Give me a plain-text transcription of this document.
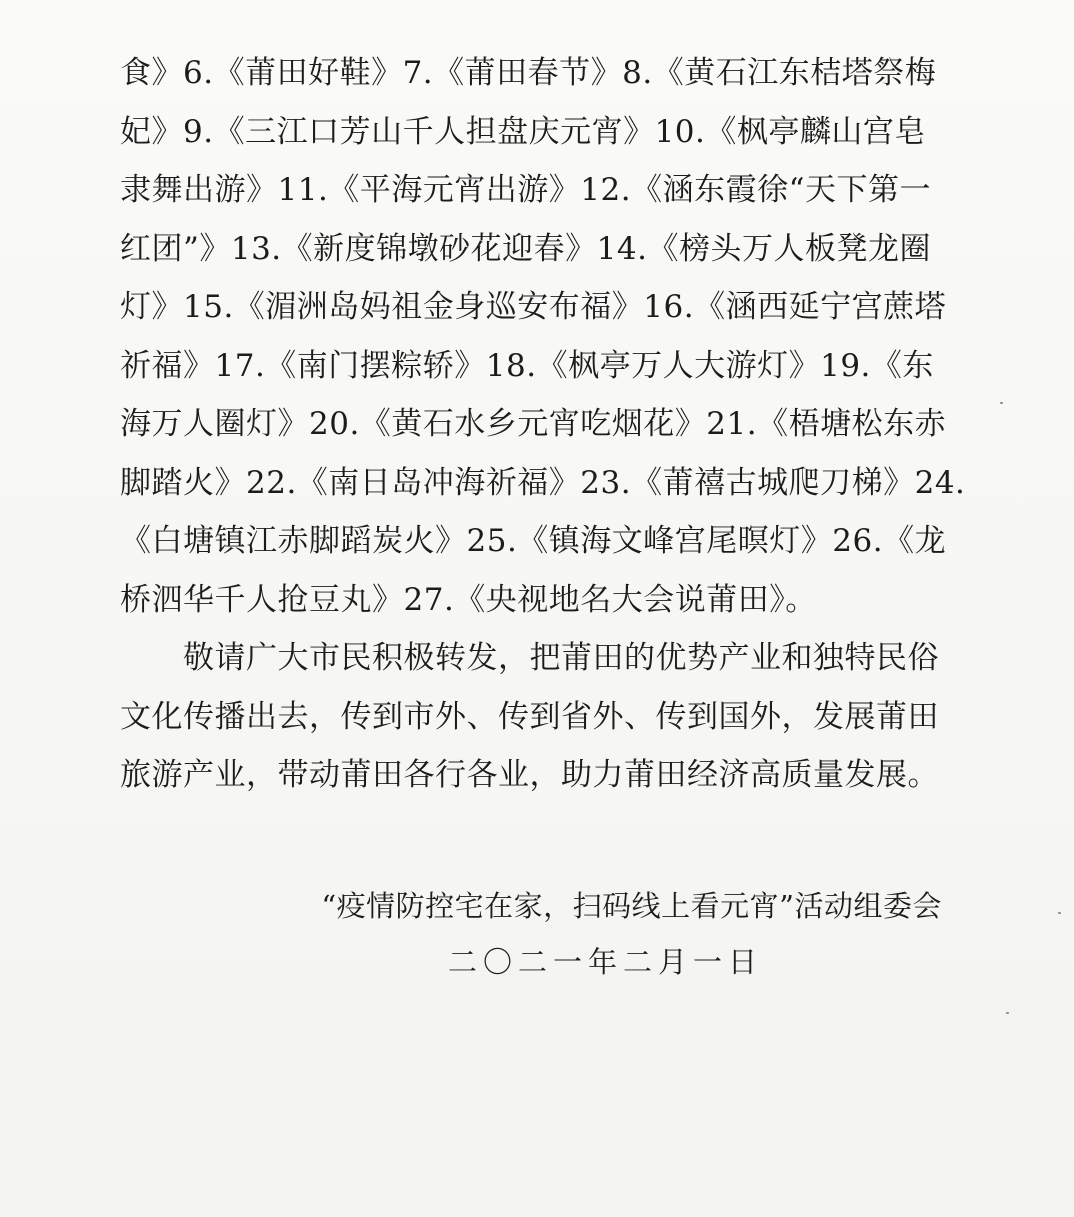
食》6.《莆田好鞋》7.《莆田春节》8.《黄石江东桔塔祭梅
妃》9.《三江口芳山千人担盘庆元宵》10.《枫亭麟山宫皂
隶舞出游》11.《平海元宵出游》12.《涵东霞徐“天下第一
红团”》13.《新度锦墩砂花迎春》14.《榜头万人板凳龙圈
灯》15.《湄洲岛妈祖金身巡安布福》16.《涵西延宁宫蔗塔
祈福》17.《南门摆粽轿》18.《枫亭万人大游灯》19.《东
海万人圈灯》20.《黄石水乡元宵吃烟花》21.《梧塘松东赤
脚踏火》22.《南日岛冲海祈福》23.《莆禧古城爬刀梯》24.
《白塘镇江赤脚蹈炭火》25.《镇海文峰宫尾暝灯》26.《龙
桥泗华千人抢豆丸》27.《央视地名大会说莆田》。
　　敬请广大市民积极转发，把莆田的优势产业和独特民俗
文化传播出去，传到市外、传到省外、传到国外，发展莆田
旅游产业，带动莆田各行各业，助力莆田经济高质量发展。
“疫情防控宅在家，扫码线上看元宵”活动组委会
二〇二一年二月一日
